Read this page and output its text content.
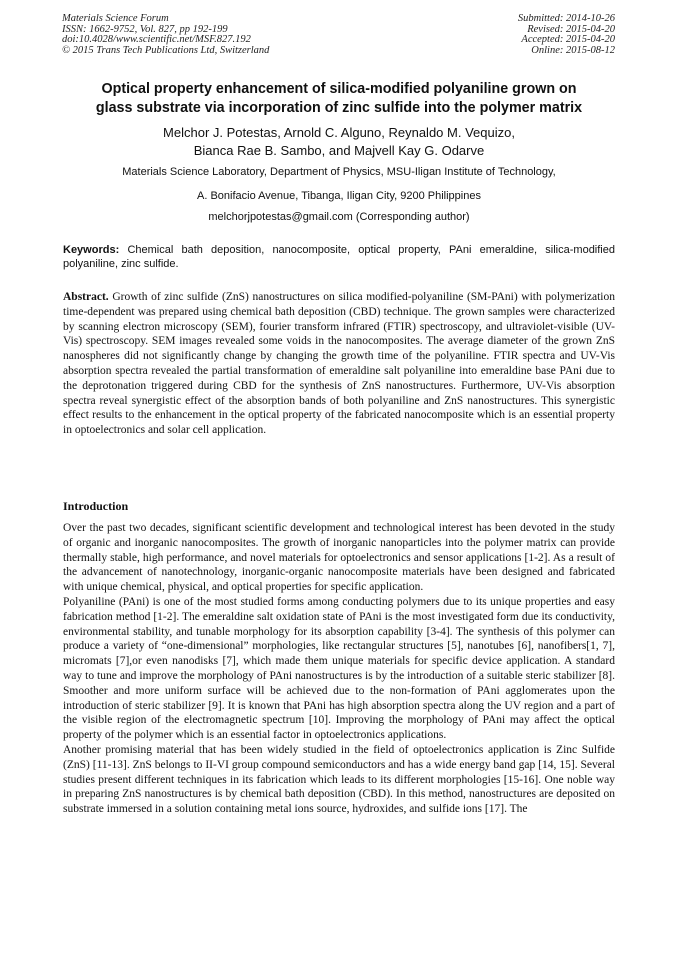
Materials Science Forum
ISSN: 1662-9752, Vol. 827, pp 192-199
doi:10.4028/www.scientific.net/MSF.827.192
© 2015 Trans Tech Publications Ltd, Switzerland
Submitted: 2014-10-26
Revised: 2015-04-20
Accepted: 2015-04-20
Online: 2015-08-12
Optical property enhancement of silica-modified polyaniline grown on
glass substrate via incorporation of zinc sulfide into the polymer matrix
Melchor J. Potestas, Arnold C. Alguno, Reynaldo M. Vequizo,
Bianca Rae B. Sambo, and Majvell Kay G. Odarve
Materials Science Laboratory, Department of Physics, MSU-Iligan Institute of Technology,
A. Bonifacio Avenue, Tibanga, Iligan City, 9200 Philippines
melchorjpotestas@gmail.com (Corresponding author)
Keywords: Chemical bath deposition, nanocomposite, optical property, PAni emeraldine, silica-modified polyaniline, zinc sulfide.
Abstract. Growth of zinc sulfide (ZnS) nanostructures on silica modified-polyaniline (SM-PAni) with polymerization time-dependent was prepared using chemical bath deposition (CBD) technique. The grown samples were characterized by scanning electron microscopy (SEM), fourier transform infrared (FTIR) spectroscopy, and ultraviolet-visible (UV-Vis) spectroscopy. SEM images revealed some voids in the nanocomposites. The average diameter of the grown ZnS nanospheres did not significantly change by changing the growth time of the polyaniline. FTIR spectra and UV-Vis absorption spectra revealed the partial transformation of emeraldine salt polyaniline into emeraldine base PAni due to the deprotonation triggered during CBD for the synthesis of ZnS nanostructures. Furthermore, UV-Vis absorption spectra reveal synergistic effect of the absorption bands of both polyaniline and ZnS nanostructures. This synergistic effect results to the enhancement in the optical property of the fabricated nanocomposite which is an essential property in optoelectronics and solar cell application.
Introduction

Over the past two decades, significant scientific development and technological interest has been devoted in the study of organic and inorganic nanocomposites. The growth of inorganic nanoparticles into the polymer matrix can provide thermally stable, high performance, and novel materials for optoelectronics and sensor applications [1-2]. As a result of the advancement of nanotechnology, inorganic-organic nanocomposite materials have been designed and fabricated with unique chemical, physical, and optical properties for specific application.

Polyaniline (PAni) is one of the most studied forms among conducting polymers due to its unique properties and easy fabrication method [1-2]. The emeraldine salt oxidation state of PAni is the most investigated form due its conductivity, environmental stability, and tunable morphology for its absorption capability [3-4]. The synthesis of this polymer can produce a variety of “one-dimensional” morphologies, like rectangular structures [5], nanotubes [6], nanofibers[1, 7], micromats [7],or even nanodisks [7], which made them unique materials for specific device application. A standard way to tune and improve the morphology of PAni nanostructures is by the introduction of a suitable steric stabilizer [8]. Smoother and more uniform surface will be achieved due to the non-formation of PAni agglomerates upon the introduction of steric stabilizer [9]. It is known that PAni has high absorption spectra along the UV region and a part of the visible region of the electromagnetic spectrum [10]. Improving the morphology of PAni may affect the optical property of the polymer which is an essential factor in optoelectronics applications.

Another promising material that has been widely studied in the field of optoelectronics application is Zinc Sulfide (ZnS) [11-13]. ZnS belongs to II-VI group compound semiconductors and has a wide energy band gap [14, 15]. Several studies present different techniques in its fabrication which leads to its different morphologies [15-16]. One noble way in preparing ZnS nanostructures is by chemical bath deposition (CBD). In this method, nanostructures are deposited on substrate immersed in a solution containing metal ions source, hydroxides, and sulfide ions [17]. The
